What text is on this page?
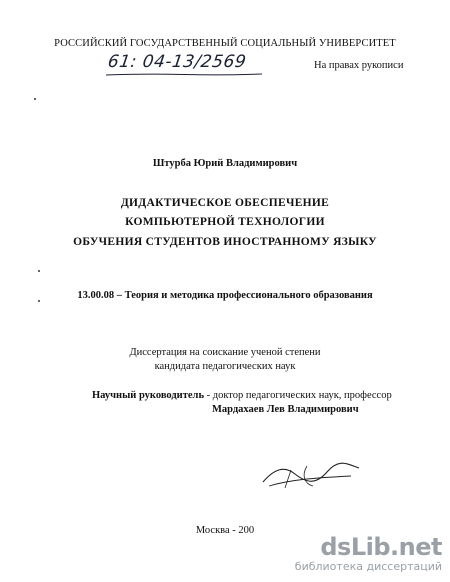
РОССИЙСКИЙ ГОСУДАРСТВЕННЫЙ СОЦИАЛЬНЫЙ УНИВЕРСИТЕТ
61: 04-13/2569	На правах рукописи
Штурба Юрий Владимирович
ДИДАКТИЧЕСКОЕ ОБЕСПЕЧЕНИЕ
КОМПЬЮТЕРНОЙ ТЕХНОЛОГИИ
ОБУЧЕНИЯ СТУДЕНТОВ ИНОСТРАННОМУ ЯЗЫКУ
13.00.08 – Теория и методика профессионального образования
Диссертация на соискание ученой степени
кандидата педагогических наук
Научный руководитель - доктор педагогических наук, профессор
Мардахаев Лев Владимирович
Москва - 200
dsLib.net
библиотека диссертаций
